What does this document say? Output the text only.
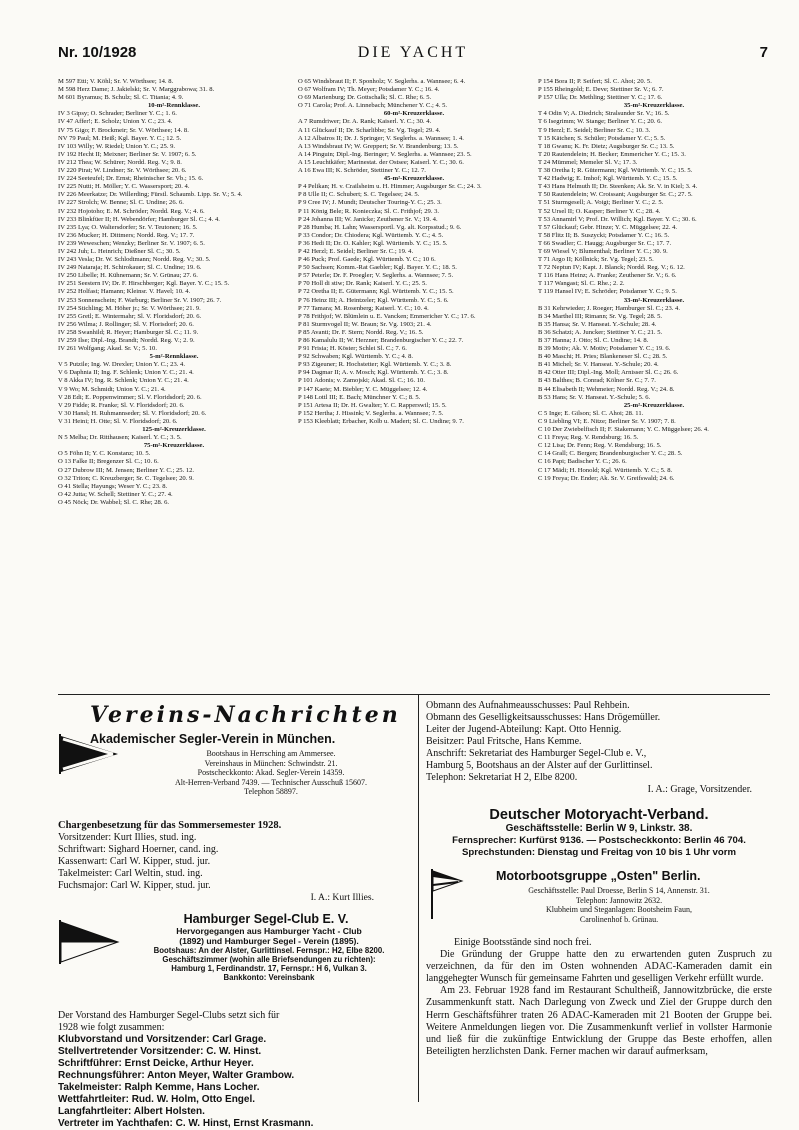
Nr. 10/1928	DIE YACHT	7
M 597 Etti; V. Köhl; Sr. V. Wörthsee; 14. 8.
M 598 Herz Dame; J. Jakielski; Sr. V. Marggrabowa; 31. 8.
M 601 Byramus; B. Schulz; Sl. C. Titania; 4. 9.
10-m²-Rennklasse.
IV 3 Gipsy; O. Schrader; Berliner Y. C.; 1. 6.
IV 47 Affer!; E. Scholz; Union Y. C.; 23. 4.
IV 75 Gigo; F. Brockmeir; Sr. V. Wörthsee; 14. 8.
NV 79 Paul; M. Heiß; Kgl. Bayer. Y. C.; 12. 5.
IV 103 Willy; W. Riedel; Union Y. C.; 25. 9.
IV 192 Hecht II; Meixner; Berliner Sr. V. 1907; 6. 5.
IV 212 Thea; W. Schürer; Nordd. Reg. V.; 9. 8.
IV 220 Pirat; W. Lindner; Sr. V. Wörthsee; 20. 6.
IV 224 Seeteufel; Dr. Ernst; Rheinischer Sr. Vb.; 15. 6.
IV 225 Nutti; H. Möller; Y. C. Wassersport; 20. 4.
IV 226 Meerkatze; Dr. Willerding; Fürstl. Schaumb. Lipp. Sr. V.; 5. 4.
IV 227 Strolch; W. Benne; Sl. C. Undine; 26. 6.
IV 232 Hojotoho; E. M. Schröder; Nordd. Reg. V.; 4. 6.
IV 233 Blinkfüer II; H. Webendörfer; Hamburger Sl. C.; 4. 4.
IV 235 Lya; O. Waltersdorfer; Sr. V. Teutonen; 16. 5.
IV 236 Mucker; H. Dittmers; Nordd. Reg. V.; 17. 7.
IV 239 Weweschen; Wenzky; Berliner Sr. V. 1907; 6. 5.
IV 242 Juh; L. Heinrich; Dießner Sl. C.; 30. 5.
IV 243 Vesla; Dr. W. Schlodtmann; Nordd. Reg. V.; 30. 5.
IV 249 Nataraja; H. Schirokauer; Sl. C. Undine; 19. 6.
IV 250 Libelle; H. Kühnemann; Sr. V. Grünau; 27. 6.
IV 251 Seestern IV; Dr. F. Hirschberger; Kgl. Bayer. Y. C.; 15. 5.
IV 252 Holfast; Hamann; Kleinsr. V. Havel; 10. 4.
IV 253 Sonnenschein; F. Warburg; Berliner Sr. V. 1907; 26. 7.
IV 254 Stichling; M. Höher jr.; Sr. V. Wörthsee; 21. 9.
IV 255 Gretl; E. Wintermahr; Sl. V. Floridsdorf; 20. 6.
IV 256 Wilma; J. Rollinger; Sl. V. Florisdorf; 20. 6.
IV 258 Swanhild; R. Heyer; Hamburger Sl. C.; 11. 9.
IV 259 Ilse; Dipl.-Ing. Brandt; Nordd. Reg. V.; 2. 9.
IV 261 Wolfgang; Akad. Sr. V.; 5. 10.
5-m²-Rennklasse.
V 5 Putzile; Ing. W. Drexler; Union Y. C.; 23. 4.
V 6 Daphnia II; Ing. F. Schlenk; Union Y. C.; 21. 4.
V 8 Akka IV; Ing. R. Schlenk; Union Y. C.; 21. 4.
V 9 Wo; M. Schmidt; Union Y. C.; 21. 4.
V 28 Edi; E. Poppenwimmer; Sl. V. Floridsdorf; 20. 6.
V 29 Fidde; R. Franke; Sl. V. Floridsdorf; 20. 6.
V 30 Hansl; H. Ruhmannseder; Sl. V. Floridsdorf; 20. 6.
V 31 Heini; H. Otte; Sl. V. Floridsdorf; 20. 6.
125-m²-Kreuzerklasse.
N 5 Melba; Dr. Ritthausen; Kaiserl. Y. C.; 3. 5.
75-m²-Kreuzerklasse.
O 5 Föhn II; Y. C. Konstanz; 10. 5.
O 13 Falke II; Bregenzer Sl. C.; 10. 6.
O 27 Dubrow III; M. Jensen; Berliner Y. C.; 25. 12.
O 32 Triton; C. Kreuzberger; Sr. C. Tegelsee; 20. 9.
O 41 Stella; Hayungs; Weser Y. C.; 23. 8.
O 42 Jutta; W. Schell; Stettiner Y. C.; 27. 4.
O 45 Nöck; Dr. Wabbel; Sl. C. Rhe; 28. 6.
O 65 Windsbraut II; F. Sponholz; V. Seglerhs. a. Wannsee; 6. 4.
O 67 Wolfram IV; Th. Meyer; Potsdamer Y. C.; 16. 4.
O 69 Marienburg; Dr. Gottschalk; Sl. C. Rhe; 6. 5.
O 71 Carola; Prof. A. Linnebach; Münchener Y. C.; 4. 5.
60-m²-Kreuzerklasse.
A 7 Rumdriwer; Dr. A. Rank; Kaiserl. Y. C.; 30. 4.
A 11 Glückauf II; Dr. Scharlibbe; Sr. Vg. Tegel; 29. 4.
A 12 Albatros II; Dr. J. Springer; V. Seglerhs. a. Wannsee; 1. 4.
A 13 Windsbraut IV; W. Greppert; Sr. V. Brandenburg; 13. 5.
A 14 Pinguin; Dipl.-Ing. Beringer; V. Seglerhs. a. Wannsee; 23. 5.
A 15 Leuchtkäfer; Marinestat. der Ostsee; Kaiserl. Y. C.; 30. 6.
A 16 Ewa III; K. Schröder, Stettiner Y. C.; 12. 7.
45-m²-Kreuzerklasse.
P 4 Pelikan; H. v. Crailsheim u. H. Himmer; Augsburger Sr. C.; 24. 3.
P 8 Ulle II; C. Schubert; S. C. Tegelsee; 24. 5.
P 9 Cree IV; J. Mundt; Deutscher Touring-Y. C.; 25. 3.
P 11 König Bele; R. Konieczka; Sl. C. Frithjof; 29. 3.
P 24 Johanna III; W. Janicke; Zeuthener Sr. V.; 19. 4.
P 28 Humba; H. Lahn; Wassersportl. Vg. alt. Korpsstud.; 9. 6.
P 33 Condor; Dr. Chiodera; Kgl. Württemb. Y. C.; 4. 5.
P 36 Hedi II; Dr. O. Kahler; Kgl. Württemb. Y. C.; 15. 5.
P 42 Herzl; E. Seidel; Berliner Sr. C.; 19. 4.
P 46 Puck; Prof. Gaede; Kgl. Württemb. Y. C.; 10 6.
P 50 Sachsen; Komm.-Rat Gaebler; Kgl. Bayer. Y. C.; 18. 5.
P 57 Peterle; Dr. F. Proegler; V. Seglerhs. a. Wannsee; 7. 5.
P 70 Holl di stiw; Dr. Rank; Kaiserl. Y. C.; 25. 5.
P 72 Oretha II; E. Gütermann; Kgl. Württemb. Y. C.; 15. 5.
P 76 Heinz III; A. Heintzeler; Kgl. Württemb. Y. C.; 5. 6.
P 77 Tamara; M. Rosenberg; Kaiserl. Y. C.; 10. 4.
P 78 Frithjof; W. Blümlein u. E. Vancken; Emmericher Y. C.; 17. 6.
P 81 Sturmvogel II; W. Braun; Sr. Vg. 1903; 21. 4.
P 85 Avanti; Dr. F. Stern; Nordd. Reg. V.; 16. 5.
P 86 Kamalulu II; W. Herzner; Brandenburgischer Y. C.; 22. 7.
P 91 Frisia; H. Köster; Schlei Sl. C.; 7. 6.
P 92 Schwaben; Kgl. Württemb. Y. C.; 4. 8.
P 93 Zigeuner; R. Hochstetter; Kgl. Württemb. Y. C.; 3. 8.
P 94 Dagmar II; A. v. Mosch; Kgl. Württemb. Y. C.; 3. 8.
P 101 Adonis; v. Zamojski; Akad. Sl. C.; 16. 10.
P 147 Kaete; M. Biebler; Y. C. Müggelsee; 12. 4.
P 148 Lottl III; E. Bach; Münchner Y. C.; 8. 5.
P 151 Artesa II; Dr. H. Gwalter; Y. C. Rapperswil; 15. 5.
P 152 Hertha; J. Hissink; V. Seglerhs. a. Wannsee; 7. 5.
P 153 Kleeblatt; Erbacher, Kolb u. Madert; Sl. C. Undine; 9. 7.
P 154 Bora II; P. Seifert; Sl. C. Ahoi; 20. 5.
P 155 Rheingold; E. Deve; Stettiner Sr. V.; 6. 7.
P 157 Ulla; Dr. Methling; Stettiner Y. C.; 17. 6.
35-m²-Kreuzerklasse.
T 4 Odin V; A. Diedrich; Stralsunder Sr. V.; 16. 5.
T 6 Isegrimm; W. Stange; Berliner Y. C.; 20. 6.
T 9 Herzl; E. Seidel; Berliner Sr. C.; 10. 3.
T 15 Kätchen; S. Schüler; Potsdamer Y. C.; 5. 5.
T 18 Gwanu; K. Fr. Dietz; Augsburger Sr. C.; 13. 5.
T 20 Rautendelein; H. Becker; Emmericher Y. C.; 15. 3.
T 24 Mümmel; Memeler Sl. V.; 17. 3.
T 38 Oretha I; R. Gütermann; Kgl. Württemb. Y. C.; 15. 5.
T 42 Hadwig; E. Imhof; Kgl. Württemb. Y. C.; 15. 5.
T 43 Hans Helmuth II; Dr. Steenken; Ak. Sr. V. in Kiel; 3. 4.
T 50 Rautendelein; W. Croissant; Augsburger Sr. C.; 27. 5.
T 51 Sturmgesell; A. Voigt; Berliner Y. C.; 2. 5.
T 52 Ursel II; O. Kasper; Berliner Y. C.; 28. 4.
T 53 Annamirl V; Prof. Dr. Willich; Kgl. Bayer. Y. C.; 30. 6.
T 57 Glückauf; Gebr. Hinze; Y. C. Müggelsee; 22. 4.
T 58 Flitz II; B. Suszycki; Potsdamer Y. C.; 16. 5.
T 66 Swadler; C. Haugg; Augsburger Sr. C.; 17. 7.
T 69 Wiesel V; Blumenthal; Berliner Y. C.; 30. 9.
T 71 Argo II; Köllnick; Sr. Vg. Tegel; 23. 5.
T 72 Neptun IV; Kapt. J. Blanck; Nordd. Reg. V.; 6. 12.
T 116 Hans Heinz; A. Franke; Zeuthener Sr. V.; 6. 6.
T 117 Wangast; Sl. C. Rhe.; 2. 2.
T 119 Hansel IV; E. Schröder; Potsdamer Y. C.; 9. 5.
33-m²-Kreuzerklasse.
B 31 Kehrwieder; J. Roeger; Hamburger Sl. C.; 23. 4.
B 34 Marthel III; Rimann; Sr. Vg. Tegel; 28. 5.
B 35 Hansa; Sr. V. Hanseat. Y.-Schule; 28. 4.
B 36 Schatzi; A. Juncker; Stettiner Y. C.; 21. 5.
B 37 Hanna; J. Otto; Sl. C. Undine; 14. 8.
B 39 Motiv; Ak. V. Motiv; Potsdamer Y. C.; 19. 6.
B 40 Maschi; H. Pries; Blankeneser Sl. C.; 28. 5.
B 41 Michel; Sr. V. Hanseat. Y.-Schule; 20. 4.
B 42 Otter III; Dipl.-Ing. Moll; Arnisser Sl. C.; 26. 6.
B 43 Balthes; B. Conrad; Kölner Sr. C.; 7. 7.
B 44 Elisabeth II; Wehmeier; Nordd. Reg. V.; 24. 8.
B 53 Hans; Sr. V. Hanseat. Y.-Schule; 5. 6.
25-m²-Kreuzerklasse.
C 5 Inge; E. Gilson; Sl. C. Ahoi; 28. 11.
C 9 Liebling VI; E. Nitze; Berliner Sr. V. 1907; 7. 8.
C 10 Der Zwiebelfisch II; F. Stakemann; Y. C. Müggelsee; 26. 4.
C 11 Freya; Reg. V. Rendsburg; 16. 5.
C 12 Lisa; Dr. Fenn; Reg. V. Rendsburg; 16. 5.
C 14 Grall; C. Bergen; Brandenburgischer Y. C.; 28. 5.
C 16 Papi; Badischer Y. C.; 26. 6.
C 17 Mädi; H. Honold; Kgl. Württemb. Y. C.; 5. 8.
C 19 Freya; Dr. Ender; Ak. Sr. V. Greifswald; 24. 6.
Vereins-Nachrichten
Akademischer Segler-Verein in München.
Bootshaus in Herrsching am Ammersee.
Vereinshaus in München: Schwindstr. 21.
Postscheckkonto: Akad. Segler-Verein 14359.
Alt-Herren-Verband 7439. — Technischer Ausschuß 15607.
Telephon 58897.
Chargenbesetzung für das Sommersemester 1928.
Vorsitzender: Kurt Illies, stud. ing.
Schriftwart: Sighard Hoerner, cand. ing.
Kassenwart: Carl W. Kipper, stud. jur.
Takelmeister: Carl Weltin, stud. ing.
Fuchsmajor: Carl W. Kipper, stud. jur.
I. A.: Kurt Illies.
Hamburger Segel-Club E. V.
Hervorgegangen aus Hamburger Yacht - Club
(1892) und Hamburger Segel - Verein (1895).
Bootshaus: An der Alster, Gurlittinsel. Fernspr.: H2, Elbe 8200.
Geschäftszimmer (wohin alle Briefsendungen zu richten):
Hamburg 1, Ferdinandstr. 17, Fernspr.: H 6, Vulkan 3.
Bankkonto: Vereinsbank
Der Vorstand des Hamburger Segel-Clubs setzt sich für
1928 wie folgt zusammen:
Klubvorstand und Vorsitzender: Carl Grage.
Stellvertretender Vorsitzender: C. W. Hinst.
Schriftführer: Ernst Deicke, Arthur Heyer.
Rechnungsführer: Anton Meyer, Walter Grambow.
Takelmeister: Ralph Kemme, Hans Locher.
Wettfahrtleiter: Rud. W. Holm, Otto Engel.
Langfahrtleiter: Albert Holsten.
Vertreter im Yachthafen: C. W. Hinst, Ernst Krasmann.
Obmann des Aufnahmeausschusses: Paul Rehbein.
Obmann des Geselligkeitsausschusses: Hans Drögemüller.
Leiter der Jugend-Abteilung: Kapt. Otto Hennig.
Beisitzer: Paul Fritsche, Hans Kemme.
Anschrift: Sekretariat des Hamburger Segel-Club e. V.,
Hamburg 5, Bootshaus an der Alster auf der Gurlittinsel.
Telephon: Sekretariat H 2, Elbe 8200.
I. A.: Grage, Vorsitzender.
Deutscher Motoryacht-Verband.
Geschäftsstelle: Berlin W 9, Linkstr. 38.
Fernsprecher: Kurfürst 9136. — Postscheckkonto: Berlin 46 704.
Sprechstunden: Dienstag und Freitag von 10 bis 1 Uhr vorm
Motorbootsgruppe „Osten" Berlin.
Geschäftsstelle: Paul Droesse, Berlin S 14, Annenstr. 31.
Telephon: Jannowitz 2632.
Klubheim und Steganlagen: Bootsheim Faun,
Carolinenhof b. Grünau.
Einige Bootsstände sind noch frei.
Die Gründung der Gruppe hatte den zu erwartenden guten Zuspruch zu verzeichnen, da für den im Osten wohnenden ADAC-Kameraden damit ein langgehegter Wunsch für gemeinsame Fahrten und geselligen Verkehr erfüllt wurde.
Am 23. Februar 1928 fand im Restaurant Schultheiß, Jannowitzbrücke, die erste Zusammenkunft statt. Nach Darlegung von Zweck und Ziel der Gruppe durch den Herrn Geschäftsführer traten 26 ADAC-Kameraden mit 21 Booten der Gruppe bei. Weitere Anmeldungen liegen vor. Die Zusammenkunft verlief in vollster Harmonie und ließ für die zukünftige Entwicklung der Gruppe das Beste erhoffen, allen Beteiligten herzlichsten Dank. Ferner machen wir darauf aufmerksam,
